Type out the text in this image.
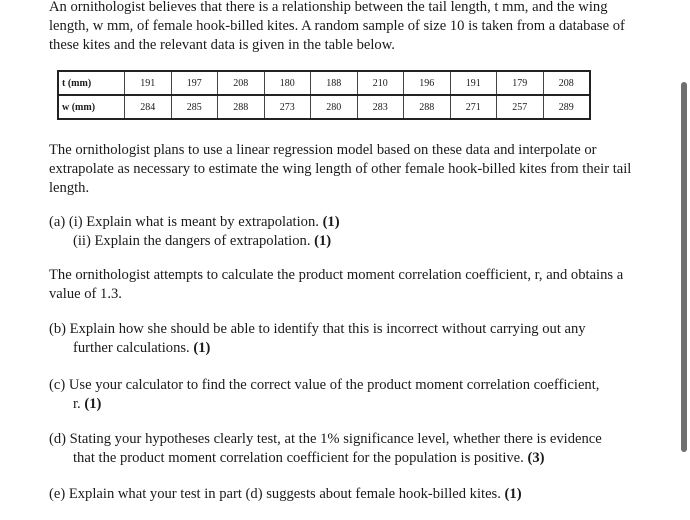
An ornithologist believes that there is a relationship between the tail length, t mm, and the wing length, w mm, of female hook-billed kites. A random sample of size 10 is taken from a database of these kites and the relevant data is given in the table below.

t (mm)	191	197	208	180	188	210	196	191	179	208
w (mm)	284	285	288	273	280	283	288	271	257	289

The ornithologist plans to use a linear regression model based on these data and interpolate or extrapolate as necessary to estimate the wing length of other female hook-billed kites from their tail length.

(a) (i) Explain what is meant by extrapolation. (1)
(ii) Explain the dangers of extrapolation. (1)

The ornithologist attempts to calculate the product moment correlation coefficient, r, and obtains a value of 1.3.

(b) Explain how she should be able to identify that this is incorrect without carrying out any
further calculations. (1)
(c) Use your calculator to find the correct value of the product moment correlation coefficient,
r. (1)
(d) Stating your hypotheses clearly test, at the 1% significance level, whether there is evidence
that the product moment correlation coefficient for the population is positive. (3)
(e) Explain what your test in part (d) suggests about female hook-billed kites. (1)
